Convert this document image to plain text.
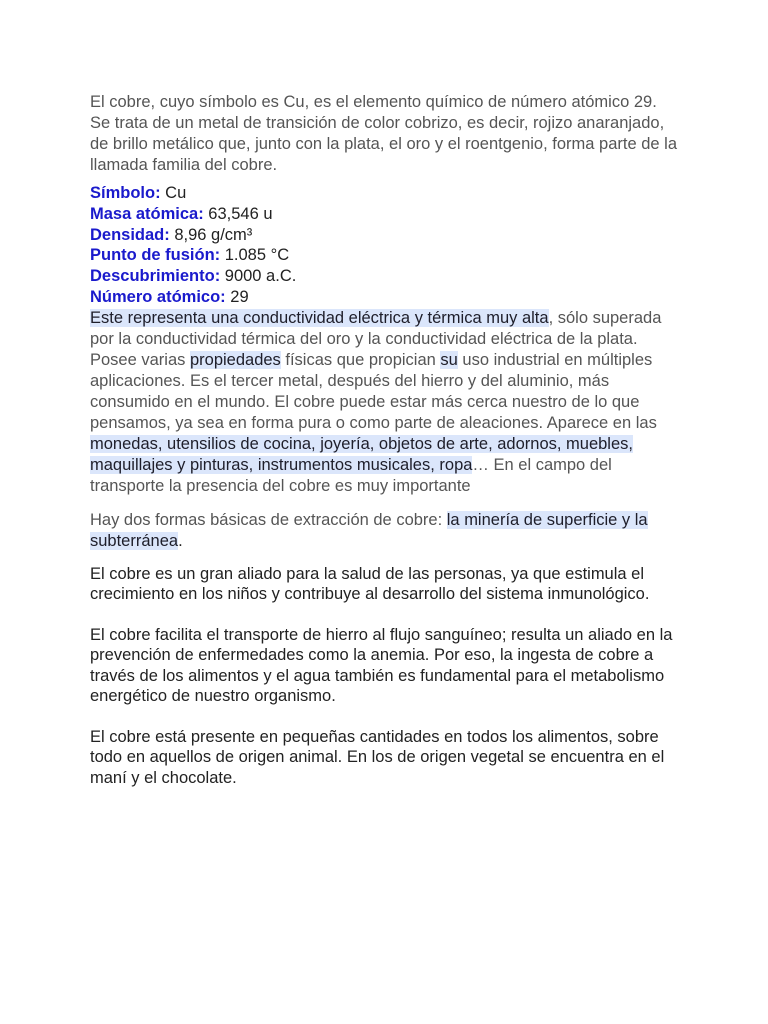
El cobre, cuyo símbolo es Cu, es el elemento químico de número atómico 29. Se trata de un metal de transición de color cobrizo, es decir, rojizo anaranjado, de brillo metálico que, junto con la plata, el oro y el roentgenio, forma parte de la llamada familia del cobre.

Símbolo: Cu
Masa atómica: 63,546 u
Densidad: 8,96 g/cm³
Punto de fusión: 1.085 °C
Descubrimiento: 9000 a.C.
Número atómico: 29

Este representa una conductividad eléctrica y térmica muy alta, sólo superada por la conductividad térmica del oro y la conductividad eléctrica de la plata. Posee varias propiedades físicas que propician su uso industrial en múltiples aplicaciones. Es el tercer metal, después del hierro y del aluminio, más consumido en el mundo. El cobre puede estar más cerca nuestro de lo que pensamos, ya sea en forma pura o como parte de aleaciones. Aparece en las monedas, utensilios de cocina, joyería, objetos de arte, adornos, muebles, maquillajes y pinturas, instrumentos musicales, ropa… En el campo del transporte la presencia del cobre es muy importante

Hay dos formas básicas de extracción de cobre: la minería de superficie y la subterránea.

El cobre es un gran aliado para la salud de las personas, ya que estimula el crecimiento en los niños y contribuye al desarrollo del sistema inmunológico.

El cobre facilita el transporte de hierro al flujo sanguíneo; resulta un aliado en la prevención de enfermedades como la anemia. Por eso, la ingesta de cobre a través de los alimentos y el agua también es fundamental para el metabolismo energético de nuestro organismo.

El cobre está presente en pequeñas cantidades en todos los alimentos, sobre todo en aquellos de origen animal. En los de origen vegetal se encuentra en el maní y el chocolate.
